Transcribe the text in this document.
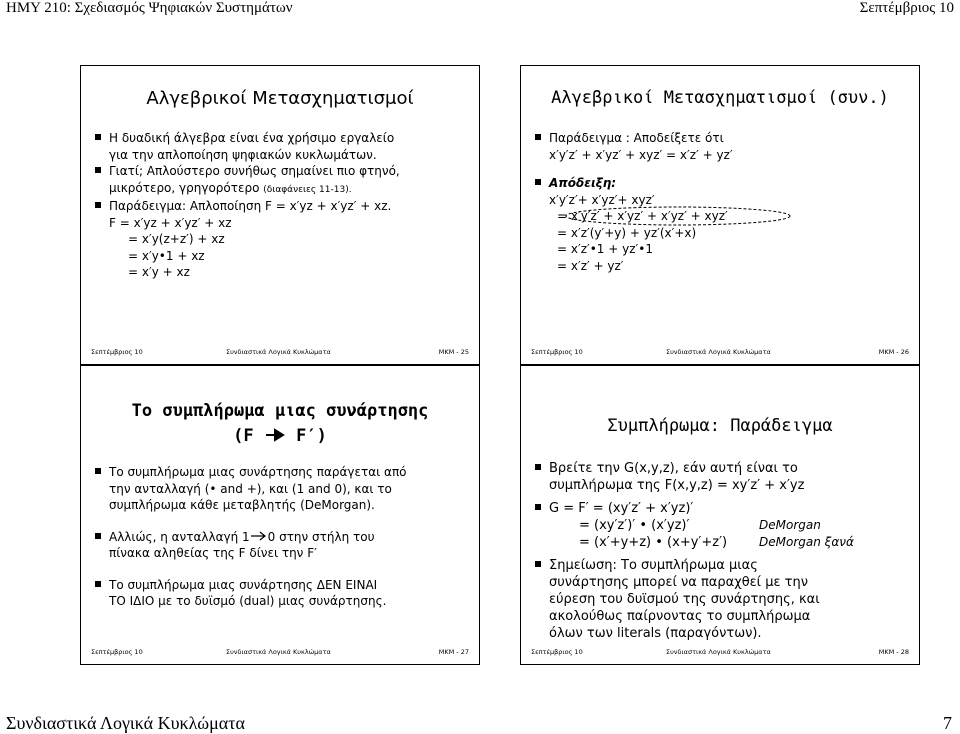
ΗΜΥ 210: Σχεδιασμός Ψηφιακών Συστημάτων	Σεπτέμβριος 10
Αλγεβρικοί Μετασχηματισμοί
Η δυαδική άλγεβρα είναι ένα χρήσιμο εργαλείο
για την απλοποίηση ψηφιακών κυκλωμάτων.
Γιατί; Απλούστερο συνήθως σημαίνει πιο φτηνό,
μικρότερο, γρηγορότερο (διαφάνειες 11-13).
Παράδειγμα: Απλοποίηση F = x′yz + x′yz′ + xz.
F = x′yz + x′yz′ + xz
= x′y(z+z′) + xz
= x′y•1 + xz
= x′y + xz
Σεπτέμβριος 10	Συνδιαστικά Λογικά Κυκλώματα	MKM - 25
Αλγεβρικοί Μετασχηματισμοί (συν.)
Παράδειγμα : Αποδείξετε ότι
x′y′z′ + x′yz′ + xyz′ = x′z′ + yz′
Απόδειξη:
x′y′z′+ x′yz′+ xyz′
= x′y′z′ + x′yz′ + x′yz′ + xyz′
= x′z′(y′+y) + yz′(x′+x)
= x′z′•1 + yz′•1
= x′z′ + yz′
Σεπτέμβριος 10	Συνδιαστικά Λογικά Κυκλώματα	MKM - 26
Το συμπλήρωμα μιας συνάρτησης
(F	F′)
Το συμπλήρωμα μιας συνάρτησης παράγεται από
την ανταλλαγή (• and +), και (1 and 0), και το
συμπλήρωμα κάθε μεταβλητής (DeMorgan).
Αλλιώς, η ανταλλαγή 1 0 στην στήλη του
πίνακα αληθείας της F δίνει την F′
Το συμπλήρωμα μιας συνάρτησης ΔΕΝ ΕΙΝΑΙ
ΤΟ ΙΔΙΟ με το δυϊσμό (dual) μιας συνάρτησης.
Σεπτέμβριος 10	Συνδιαστικά Λογικά Κυκλώματα	MKM - 27
Συμπλήρωμα: Παράδειγμα
Βρείτε την G(x,y,z), εάν αυτή είναι το
συμπλήρωμα της F(x,y,z) = xy′z′ + x′yz
G = F′ = (xy′z′ + x′yz)′
= (xy′z′)′ • (x′yz)′	DeMorgan
= (x′+y+z) • (x+y′+z′)	DeMorgan ξανά
Σημείωση: Το συμπλήρωμα μιας
συνάρτησης μπορεί να παραχθεί με την
εύρεση του δυϊσμού της συνάρτησης, και
ακολούθως παίρνοντας το συμπλήρωμα
όλων των literals (παραγόντων).
Σεπτέμβριος 10	Συνδιαστικά Λογικά Κυκλώματα	MKM - 28
Συνδιαστικά Λογικά Κυκλώματα	7
